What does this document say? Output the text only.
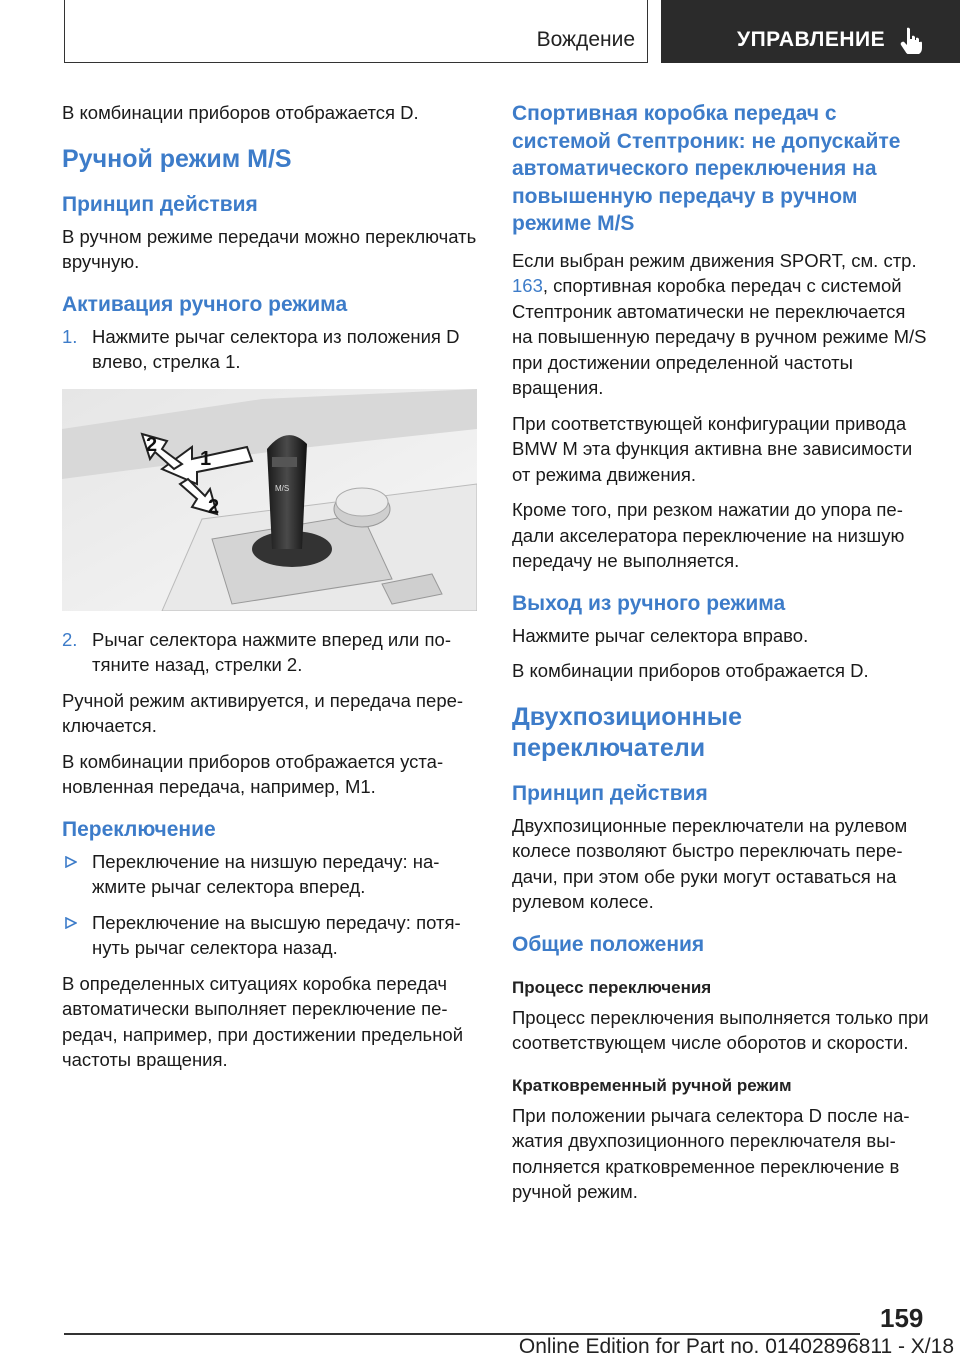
Вождение	УПРАВЛЕНИЕ

В комбинации приборов отображается D.

Ручной режим M/S
Принцип действия

В ручном режиме передачи можно переключать вручную.

Активация ручного режима
1. Нажмите рычаг селектора из положения D влево, стрелка 1.
M/S
1
2
2
2. Рычаг селектора нажмите вперед или потяните назад, стрелки 2.

Ручной режим активируется, и передача переключается.

В комбинации приборов отображается установленная передача, например, M1.

Переключение
Переключение на низшую передачу: нажмите рычаг селектора вперед.
Переключение на высшую передачу: потянуть рычаг селектора назад.

В определенных ситуациях коробка передач автоматически выполняет переключение передач, например, при достижении предельной частоты вращения.

Спортивная коробка передач с системой Стептроник: не допускайте автоматического переключения на повышенную передачу в ручном режиме M/S

Если выбран режим движения SPORT, см. стр. 163, спортивная коробка передач с системой Стептроник автоматически не переключается на повышенную передачу в ручном режиме M/S при достижении определенной частоты вращения.

При соответствующей конфигурации привода BMW M эта функция активна вне зависимости от режима движения.

Кроме того, при резком нажатии до упора педали акселератора переключение на низшую передачу не выполняется.

Выход из ручного режима

Нажмите рычаг селектора вправо.

В комбинации приборов отображается D.

Двухпозиционные переключатели
Принцип действия

Двухпозиционные переключатели на рулевом колесе позволяют быстро переключать передачи, при этом обе руки могут оставаться на рулевом колесе.

Общие положения
Процесс переключения

Процесс переключения выполняется только при соответствующем числе оборотов и скорости.

Кратковременный ручной режим

При положении рычага селектора D после нажатия двухпозиционного переключателя выполняется кратковременное переключение в ручной режим.

159
Online Edition for Part no. 01402896811 - X/18
